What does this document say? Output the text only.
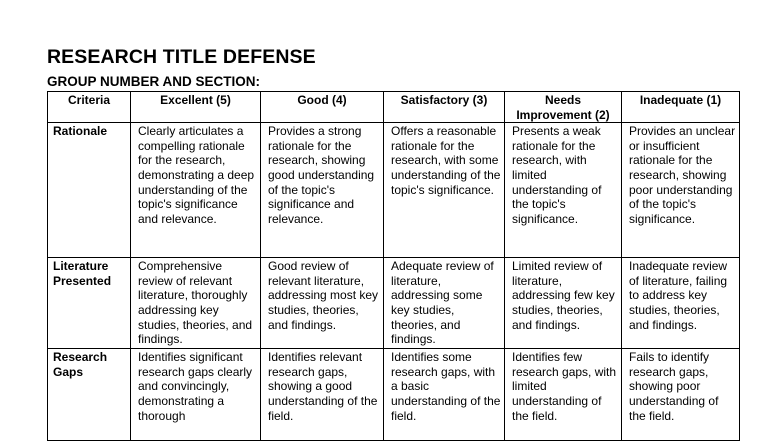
RESEARCH TITLE DEFENSE
GROUP NUMBER AND SECTION:
Criteria	Excellent (5)	Good (4)	Satisfactory (3)	Needs Improvement (2)	Inadequate (1)
Rationale	Clearly articulates a compelling rationale for the research, demonstrating a deep understanding of the topic's significance and relevance.	Provides a strong rationale for the research, showing good understanding of the topic's significance and relevance.	Offers a reasonable rationale for the research, with some understanding of the topic's significance.	Presents a weak rationale for the research, with limited understanding of the topic's significance.	Provides an unclear or insufficient rationale for the research, showing poor understanding of the topic's significance.
Literature Presented	Comprehensive review of relevant literature, thoroughly addressing key studies, theories, and findings.	Good review of relevant literature, addressing most key studies, theories, and findings.	Adequate review of literature, addressing some key studies, theories, and findings.	Limited review of literature, addressing few key studies, theories, and findings.	Inadequate review of literature, failing to address key studies, theories, and findings.
Research Gaps	Identifies significant research gaps clearly and convincingly, demonstrating a thorough	Identifies relevant research gaps, showing a good understanding of the field.	Identifies some research gaps, with a basic understanding of the field.	Identifies few research gaps, with limited understanding of the field.	Fails to identify research gaps, showing poor understanding of the field.
